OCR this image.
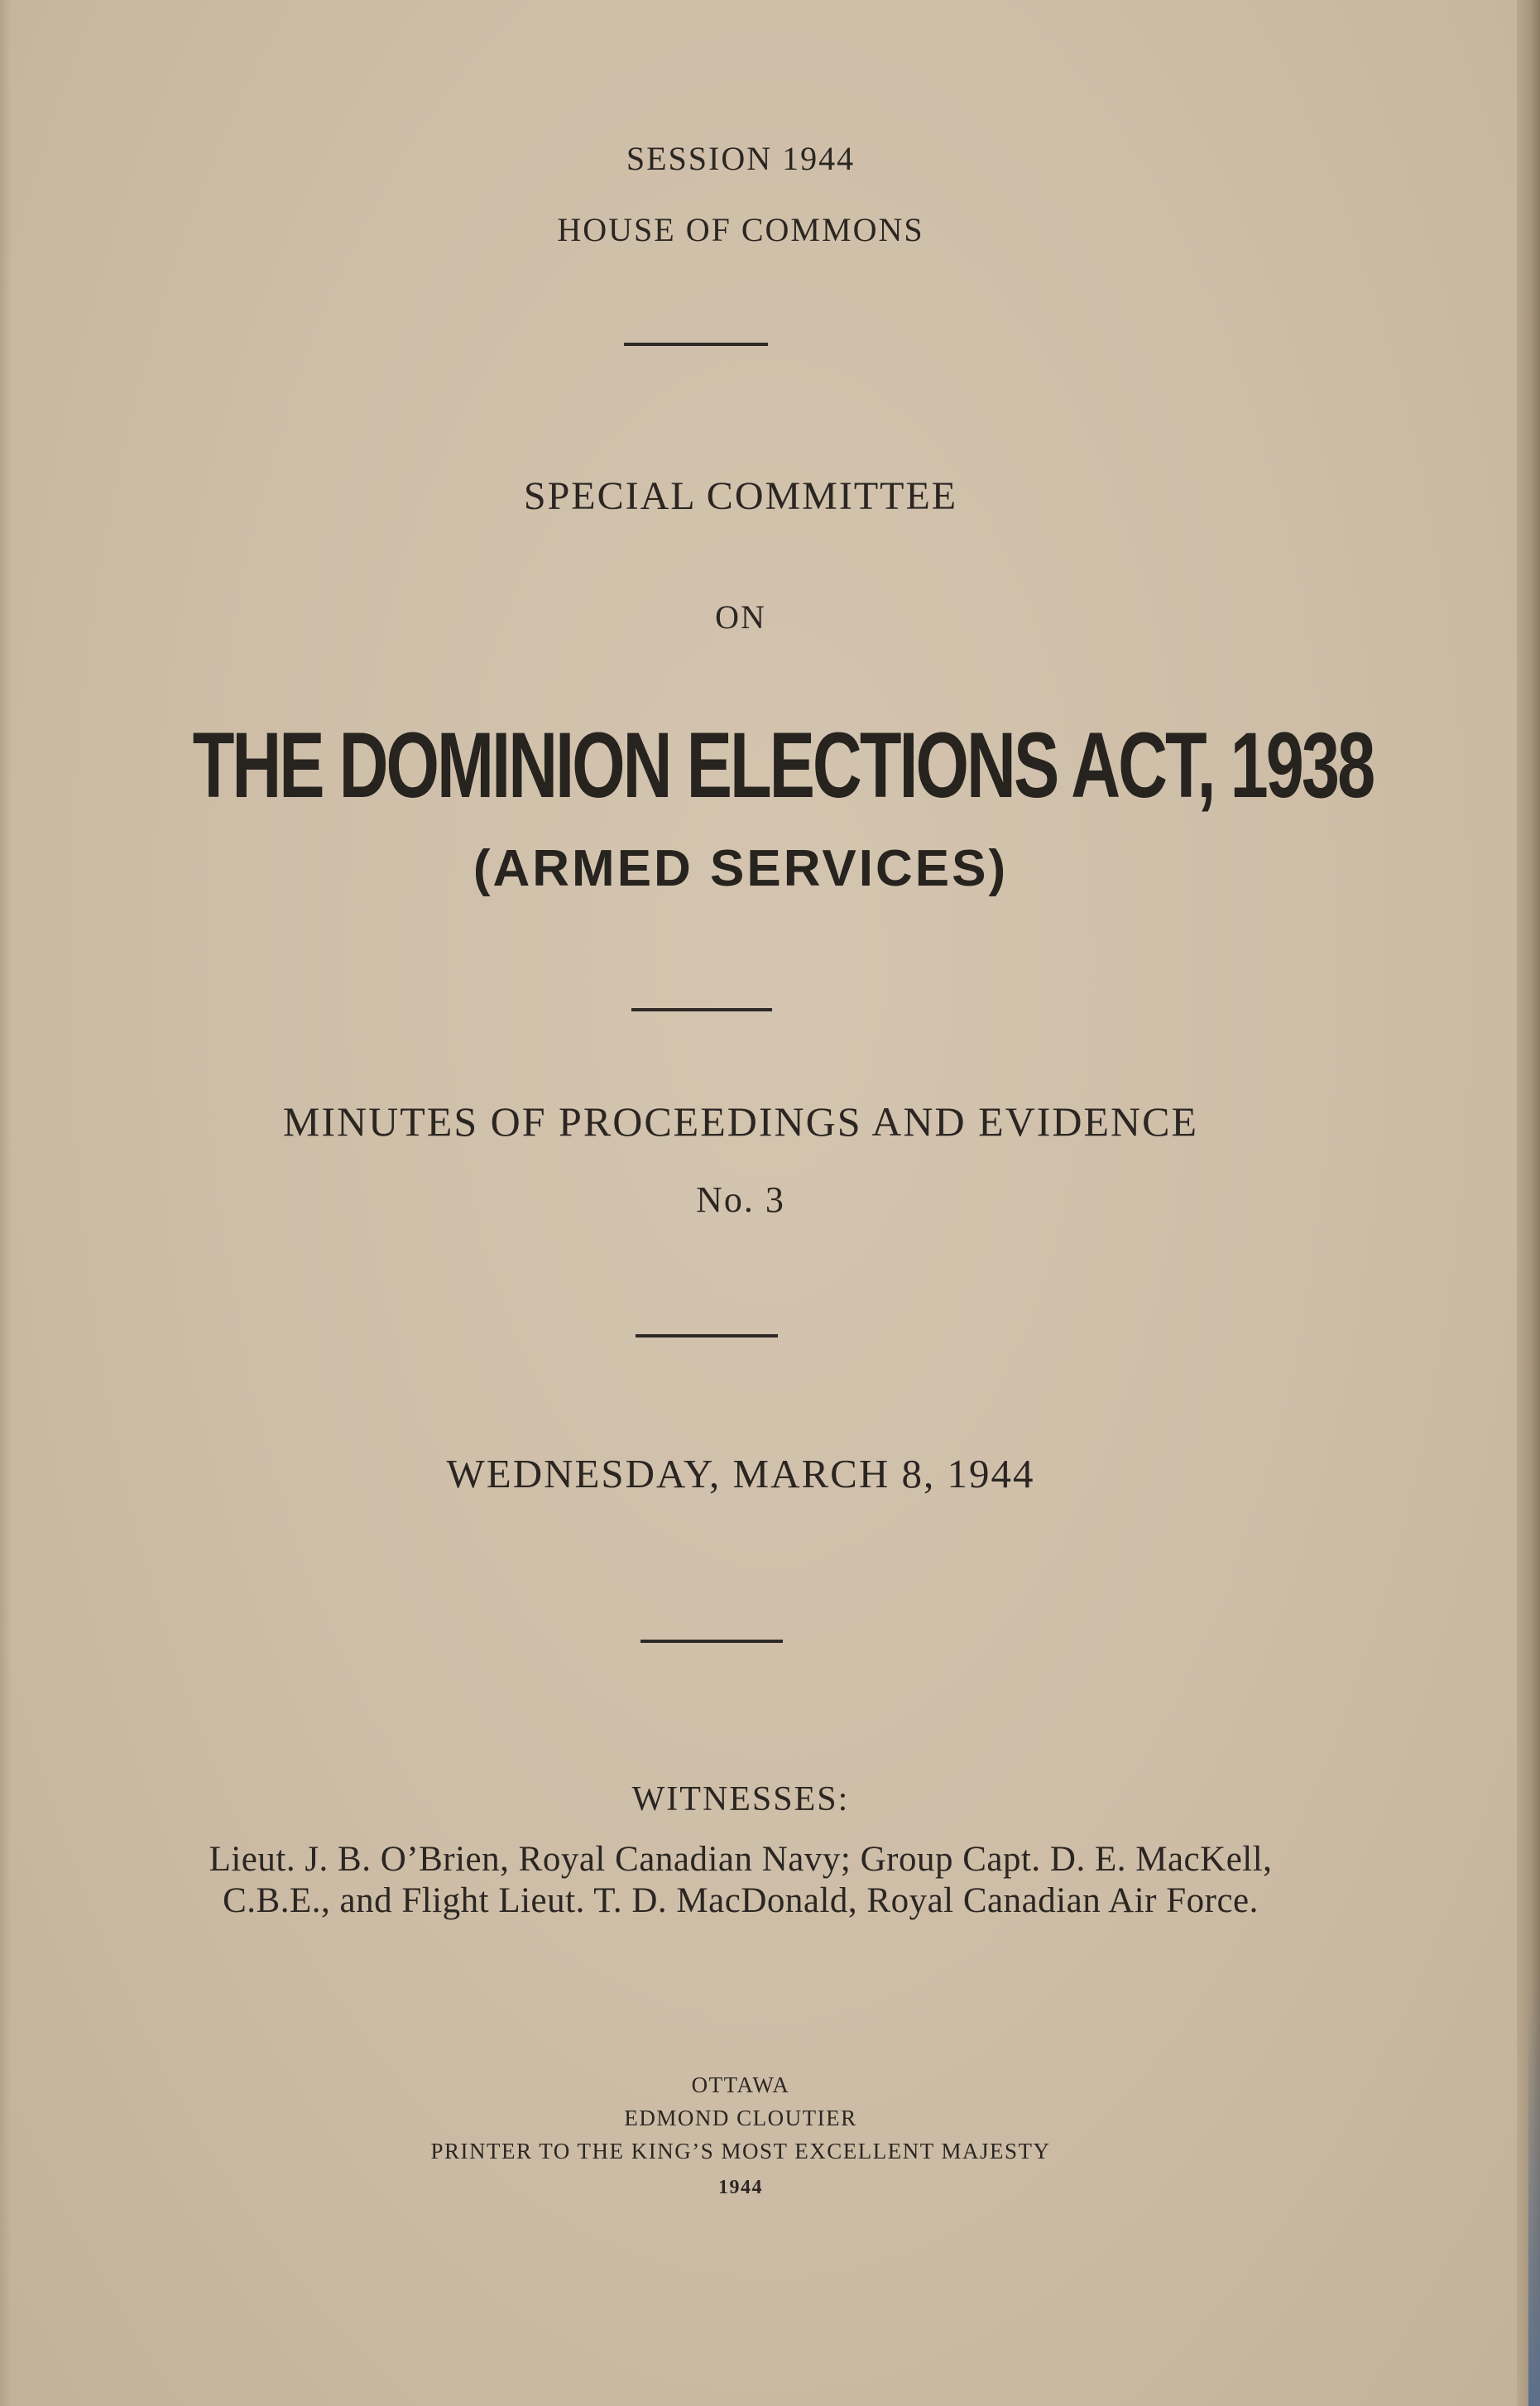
SESSION 1944
HOUSE OF COMMONS
SPECIAL COMMITTEE
ON
THE DOMINION ELECTIONS ACT, 1938
(ARMED SERVICES)
MINUTES OF PROCEEDINGS AND EVIDENCE
No. 3
WEDNESDAY, MARCH 8, 1944
WITNESSES:
Lieut. J. B. O’Brien, Royal Canadian Navy; Group Capt. D. E. MacKell,
C.B.E., and Flight Lieut. T. D. MacDonald, Royal Canadian Air Force.
OTTAWA
EDMOND CLOUTIER
PRINTER TO THE KING’S MOST EXCELLENT MAJESTY
1944
